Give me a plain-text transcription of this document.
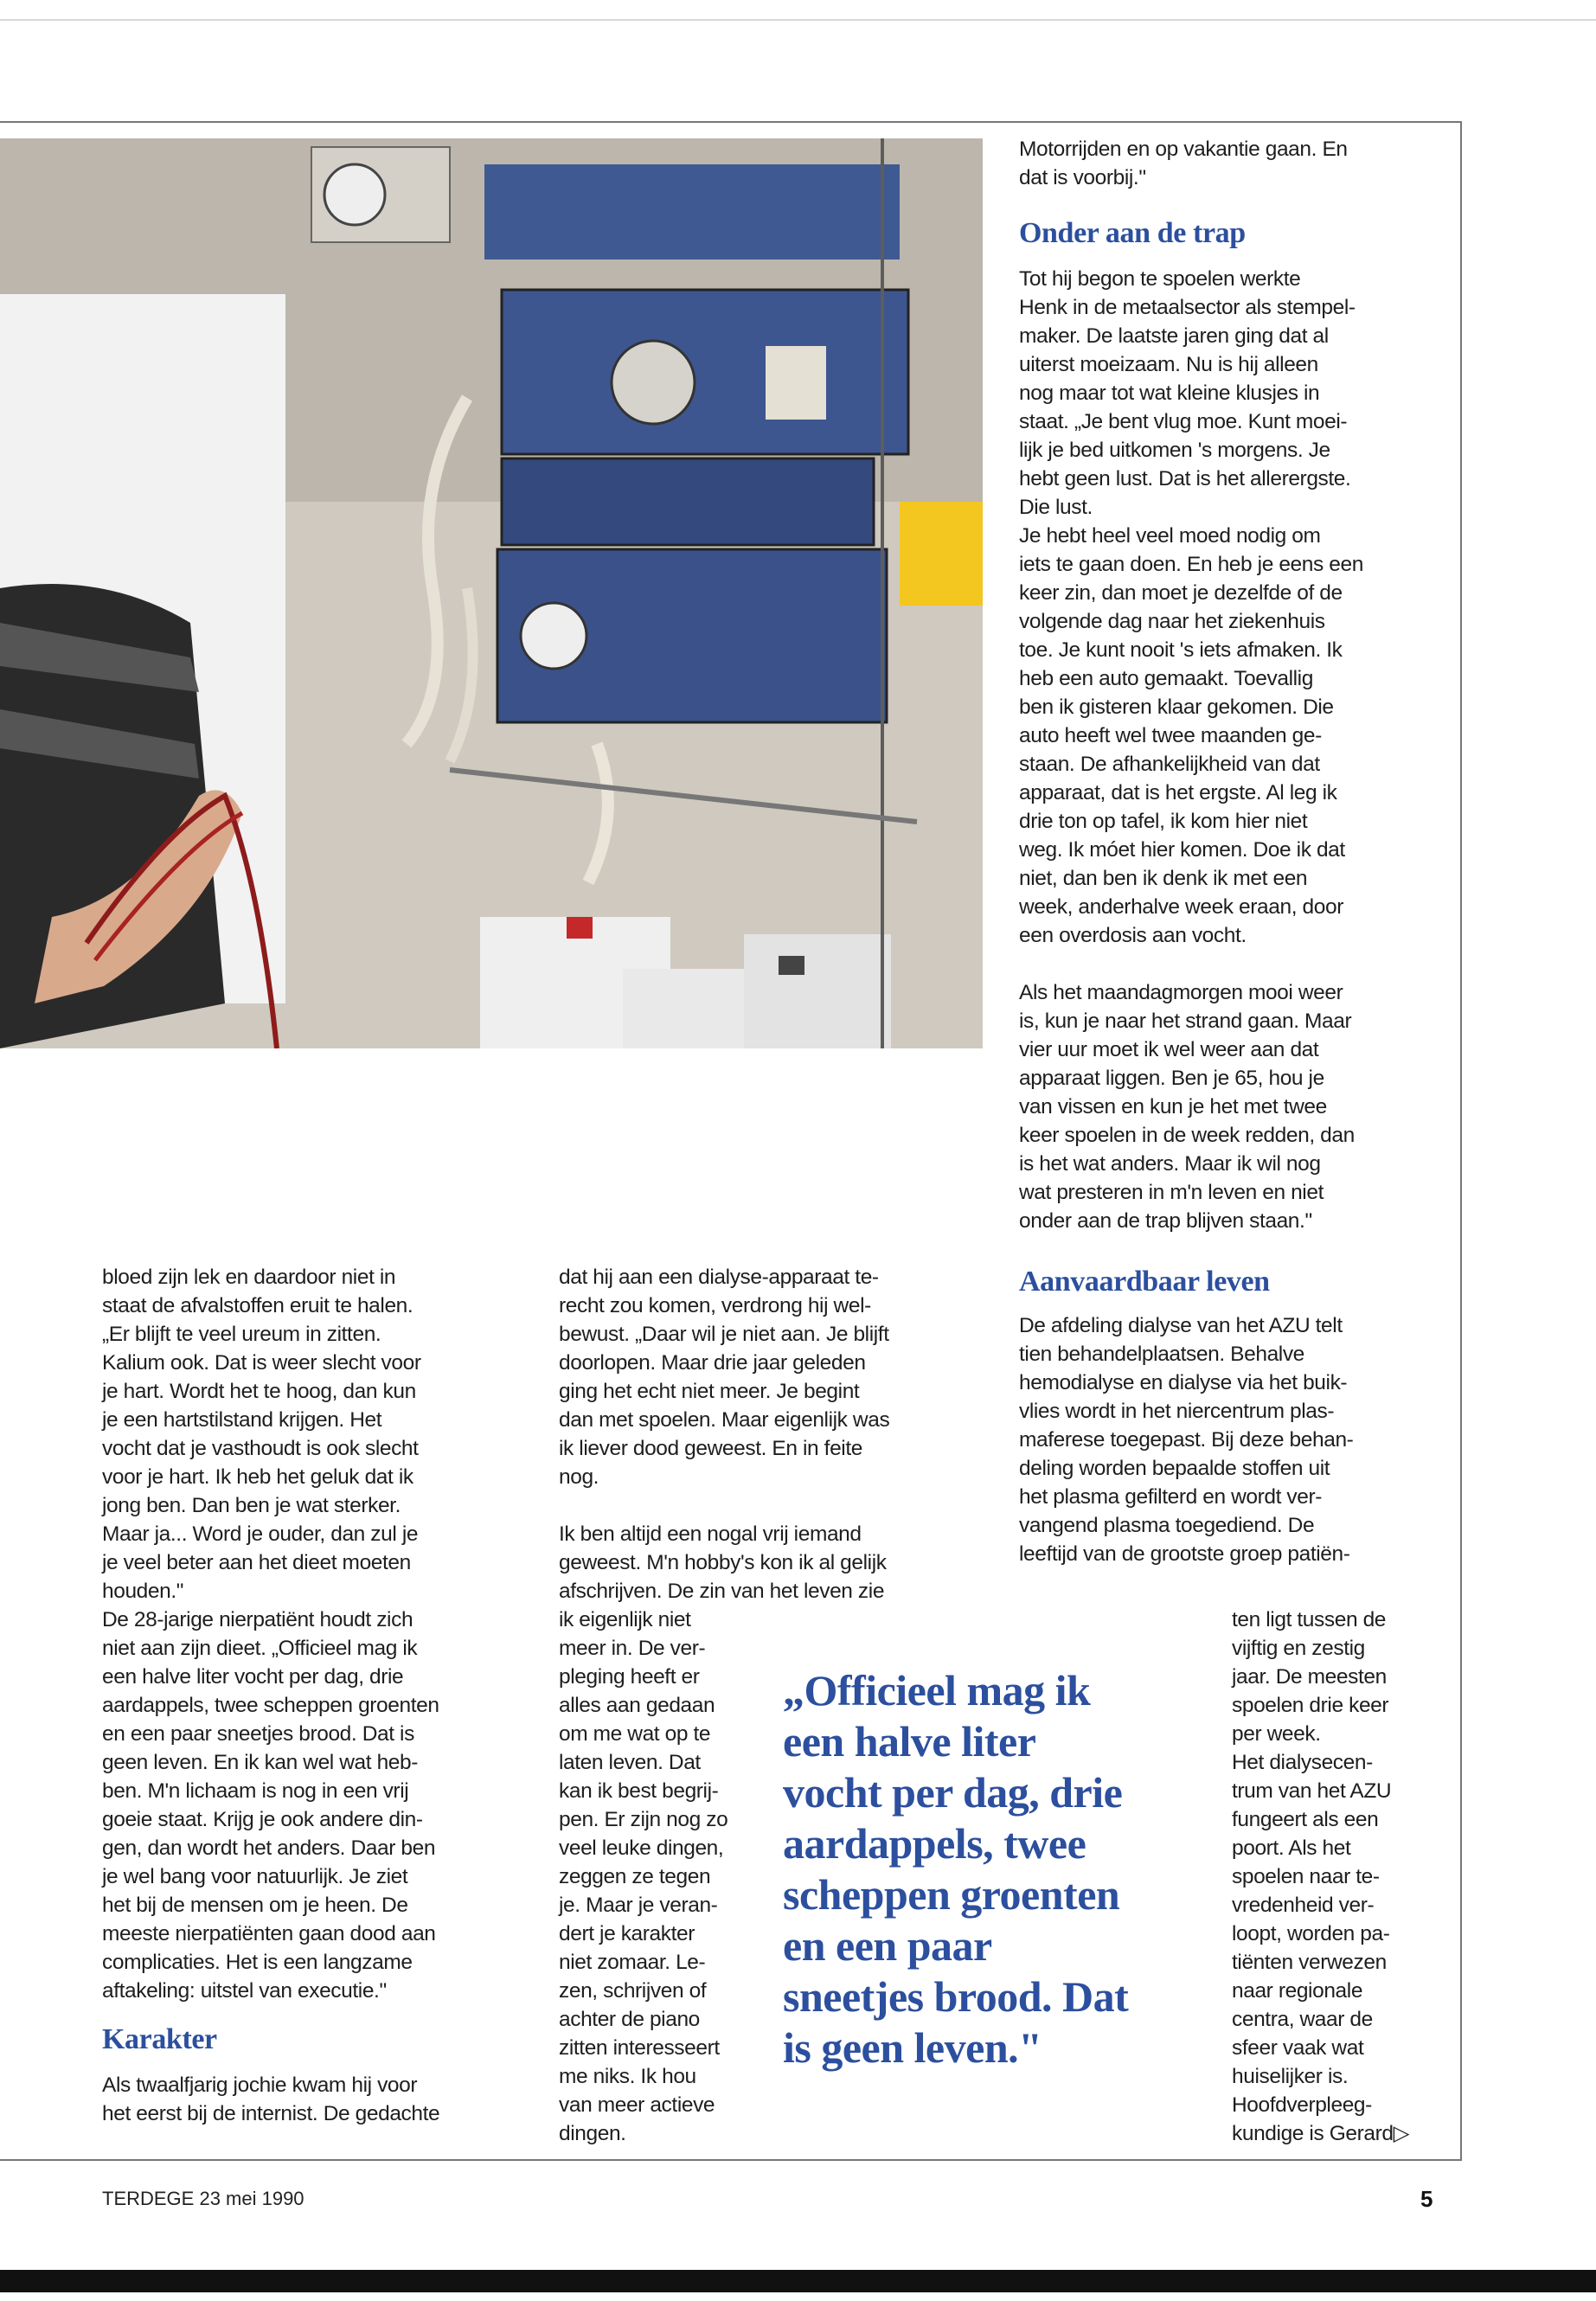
Motorrijden en op vakantie gaan. En
dat is voorbij."

Onder aan de trap

Tot hij begon te spoelen werkte
Henk in de metaalsector als stempel-
maker. De laatste jaren ging dat al
uiterst moeizaam. Nu is hij alleen
nog maar tot wat kleine klusjes in
staat. „Je bent vlug moe. Kunt moei-
lijk je bed uitkomen 's morgens. Je
hebt geen lust. Dat is het allerergste.
Die lust.
Je hebt heel veel moed nodig om
iets te gaan doen. En heb je eens een
keer zin, dan moet je dezelfde of de
volgende dag naar het ziekenhuis
toe. Je kunt nooit 's iets afmaken. Ik
heb een auto gemaakt. Toevallig
ben ik gisteren klaar gekomen. Die
auto heeft wel twee maanden ge-
staan. De afhankelijkheid van dat
apparaat, dat is het ergste. Al leg ik
drie ton op tafel, ik kom hier niet
weg. Ik móet hier komen. Doe ik dat
niet, dan ben ik denk ik met een
week, anderhalve week eraan, door
een overdosis aan vocht.

Als het maandagmorgen mooi weer
is, kun je naar het strand gaan. Maar
vier uur moet ik wel weer aan dat
apparaat liggen. Ben je 65, hou je
van vissen en kun je het met twee
keer spoelen in de week redden, dan
is het wat anders. Maar ik wil nog
wat presteren in m'n leven en niet
onder aan de trap blijven staan."

Aanvaardbaar leven

De afdeling dialyse van het AZU telt
tien behandelplaatsen. Behalve
hemodialyse en dialyse via het buik-
vlies wordt in het niercentrum plas-
maferese toegepast. Bij deze behan-
deling worden bepaalde stoffen uit
het plasma gefilterd en wordt ver-
vangend plasma toegediend. De
leeftijd van de grootste groep patiën-

ten ligt tussen de
vijftig en zestig
jaar. De meesten
spoelen drie keer
per week.
Het dialysecen-
trum van het AZU
fungeert als een
poort. Als het
spoelen naar te-
vredenheid ver-
loopt, worden pa-
tiënten verwezen
naar regionale
centra, waar de
sfeer vaak wat
huiselijker is.
Hoofdverpleeg-
kundige is Gerard▷

bloed zijn lek en daardoor niet in
staat de afvalstoffen eruit te halen.
„Er blijft te veel ureum in zitten.
Kalium ook. Dat is weer slecht voor
je hart. Wordt het te hoog, dan kun
je een hartstilstand krijgen. Het
vocht dat je vasthoudt is ook slecht
voor je hart. Ik heb het geluk dat ik
jong ben. Dan ben je wat sterker.
Maar ja... Word je ouder, dan zul je
je veel beter aan het dieet moeten
houden."
De 28-jarige nierpatiënt houdt zich
niet aan zijn dieet. „Officieel mag ik
een halve liter vocht per dag, drie
aardappels, twee scheppen groenten
en een paar sneetjes brood. Dat is
geen leven. En ik kan wel wat heb-
ben. M'n lichaam is nog in een vrij
goeie staat. Krijg je ook andere din-
gen, dan wordt het anders. Daar ben
je wel bang voor natuurlijk. Je ziet
het bij de mensen om je heen. De
meeste nierpatiënten gaan dood aan
complicaties. Het is een langzame
aftakeling: uitstel van executie."

Karakter

Als twaalfjarig jochie kwam hij voor
het eerst bij de internist. De gedachte

dat hij aan een dialyse-apparaat te-
recht zou komen, verdrong hij wel-
bewust. „Daar wil je niet aan. Je blijft
doorlopen. Maar drie jaar geleden
ging het echt niet meer. Je begint
dan met spoelen. Maar eigenlijk was
ik liever dood geweest. En in feite
nog.

Ik ben altijd een nogal vrij iemand
geweest. M'n hobby's kon ik al gelijk
afschrijven. De zin van het leven zie

ik eigenlijk niet
meer in. De ver-
pleging heeft er
alles aan gedaan
om me wat op te
laten leven. Dat
kan ik best begrij-
pen. Er zijn nog zo
veel leuke dingen,
zeggen ze tegen
je. Maar je veran-
dert je karakter
niet zomaar. Le-
zen, schrijven of
achter de piano
zitten interesseert
me niks. Ik hou
van meer actieve
dingen.

„Officieel mag ik
een halve liter
vocht per dag, drie
aardappels, twee
scheppen groenten
en een paar
sneetjes brood. Dat
is geen leven."

TERDEGE 23 mei 1990	5
